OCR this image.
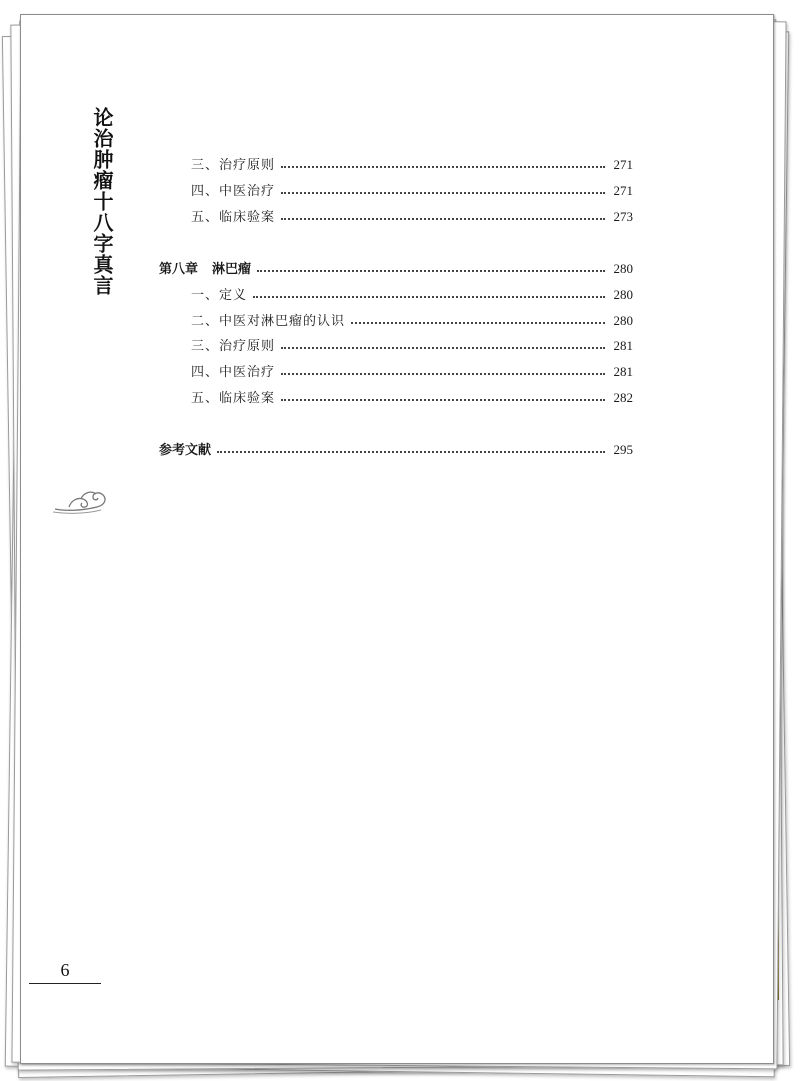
论治肿瘤十八字真言	三、治疗原则	271
四、中医治疗	271
五、临床验案	273
第八章 淋巴瘤	280
一、定义	280
二、中医对淋巴瘤的认识	280
三、治疗原则	281
四、中医治疗	281
五、临床验案	282
参考文献	295
6
